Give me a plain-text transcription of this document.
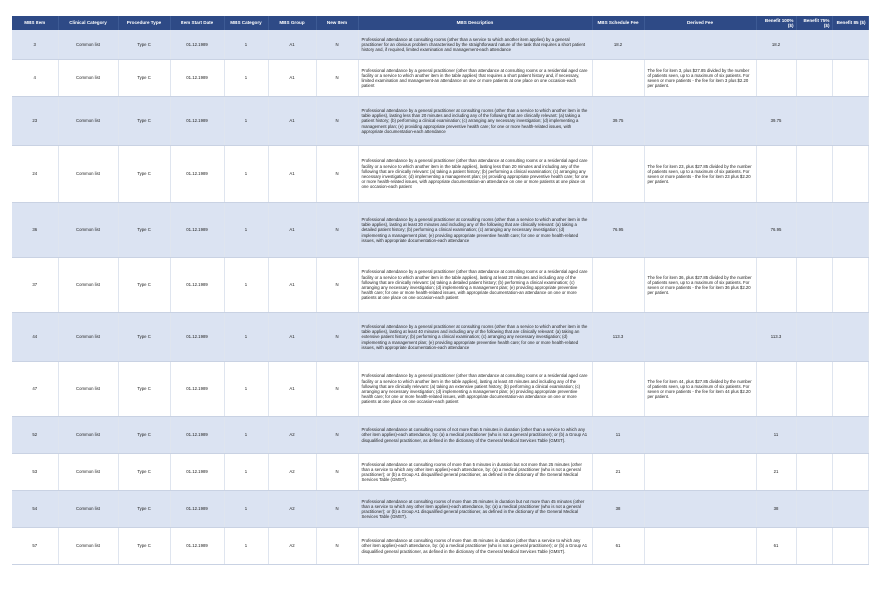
MBS Item	Clinical Category	Procedure Type	Item Start Date	MBS Category	MBS Group	New Item	MBS Description	MBS Schedule Fee	Derived Fee	Benefit 100% ($)	Benefit 75% ($)	Benefit 85 ($)
3	Common list	Type C	01.12.1989	1	A1	N	Professional attendance at consulting rooms (other than a service to which another item applies) by a general practitioner for an obvious problem characterised by the straightforward nature of the task that requires a short patient history and, if required, limited examination and management-each attendance	18.2		18.2		
4	Common list	Type C	01.12.1989	1	A1	N	Professional attendance by a general practitioner (other than attendance at consulting rooms or a residential aged care facility or a service to which another item in the table applies) that requires a short patient history and, if necessary, limited examination and management-an attendance on one or more patients at one place on one occasion-each patient		The fee for item 3, plus $27.85 divided by the number of patients seen, up to a maximum of six patients. For seven or more patients - the fee for item 3 plus $2.20 per patient.			
23	Common list	Type C	01.12.1989	1	A1	N	Professional attendance by a general practitioner at consulting rooms (other than a service to which another item in the table applies), lasting less than 20 minutes and including any of the following that are clinically relevant: (a) taking a patient history; (b) performing a clinical examination; (c) arranging any necessary investigation; (d) implementing a management plan; (e) providing appropriate preventive health care; for one or more health-related issues, with appropriate documentation-each attendance	39.75		39.75		
24	Common list	Type C	01.12.1989	1	A1	N	Professional attendance by a general practitioner (other than attendance at consulting rooms or a residential aged care facility or a service to which another item in the table applies), lasting less than 20 minutes and including any of the following that are clinically relevant: (a) taking a patient history; (b) performing a clinical examination; (c) arranging any necessary investigation; (d) implementing a management plan; (e) providing appropriate preventive health care; for one or more health-related issues, with appropriate documentation-an attendance on one or more patients at one place on one occasion-each patient		The fee for item 23, plus $27.85 divided by the number of patients seen, up to a maximum of six patients. For seven or more patients - the fee for item 23 plus $2.20 per patient.			
36	Common list	Type C	01.12.1989	1	A1	N	Professional attendance by a general practitioner at consulting rooms (other than a service to which another item in the table applies), lasting at least 20 minutes and including any of the following that are clinically relevant: (a) taking a detailed patient history; (b) performing a clinical examination; (c) arranging any necessary investigation; (d) implementing a management plan; (e) providing appropriate preventive health care; for one or more health-related issues, with appropriate documentation-each attendance	76.95		76.95		
37	Common list	Type C	01.12.1989	1	A1	N	Professional attendance by a general practitioner (other than attendance at consulting rooms or a residential aged care facility or a service to which another item in the table applies), lasting at least 20 minutes and including any of the following that are clinically relevant: (a) taking a detailed patient history; (b) performing a clinical examination; (c) arranging any necessary investigation; (d) implementing a management plan; (e) providing appropriate preventive health care; for one or more health-related issues, with appropriate documentation-an attendance on one or more patients at one place on one occasion-each patient		The fee for item 36, plus $27.85 divided by the number of patients seen, up to a maximum of six patients. For seven or more patients - the fee for item 36 plus $2.20 per patient.			
44	Common list	Type C	01.12.1989	1	A1	N	Professional attendance by a general practitioner at consulting rooms (other than a service to which another item in the table applies), lasting at least 40 minutes and including any of the following that are clinically relevant: (a) taking an extensive patient history; (b) performing a clinical examination; (c) arranging any necessary investigation; (d) implementing a management plan; (e) providing appropriate preventive health care; for one or more health-related issues, with appropriate documentation-each attendance	113.3		113.3		
47	Common list	Type C	01.12.1989	1	A1	N	Professional attendance by a general practitioner (other than attendance at consulting rooms or a residential aged care facility or a service to which another item in the table applies), lasting at least 40 minutes and including any of the following that are clinically relevant: (a) taking an extensive patient history; (b) performing a clinical examination; (c) arranging any necessary investigation; (d) implementing a management plan; (e) providing appropriate preventive health care; for one or more health-related issues, with appropriate documentation-an attendance on one or more patients at one place on one occasion-each patient		The fee for item 44, plus $27.85 divided by the number of patients seen, up to a maximum of six patients. For seven or more patients - the fee for item 44 plus $2.20 per patient.			
52	Common list	Type C	01.12.1989	1	A2	N	Professional attendance at consulting rooms of not more than 5 minutes in duration (other than a service to which any other item applies)-each attendance, by: (a) a medical practitioner (who is not a general practitioner); or (b) a Group A1 disqualified general practitioner, as defined in the dictionary of the General Medical Services Table (GMST).	11		11		
53	Common list	Type C	01.12.1989	1	A2	N	Professional attendance at consulting rooms of more than 5 minutes in duration but not more than 25 minutes (other than a service to which any other item applies)-each attendance, by: (a) a medical practitioner (who is not a general practitioner); or (b) a Group A1 disqualified general practitioner, as defined in the dictionary of the General Medical Services Table (GMST).	21		21		
54	Common list	Type C	01.12.1989	1	A2	N	Professional attendance at consulting rooms of more than 25 minutes in duration but not more than 45 minutes (other than a service to which any other item applies)-each attendance, by: (a) a medical practitioner (who is not a general practitioner); or (b) a Group A1 disqualified general practitioner, as defined in the dictionary of the General Medical Services Table (GMST).	38		38		
57	Common list	Type C	01.12.1989	1	A2	N	Professional attendance at consulting rooms of more than 45 minutes in duration (other than a service to which any other item applies)-each attendance, by: (a) a medical practitioner (who is not a general practitioner); or (b) a Group A1 disqualified general practitioner, as defined in the dictionary of the General Medical Services Table (GMST).	61		61		
